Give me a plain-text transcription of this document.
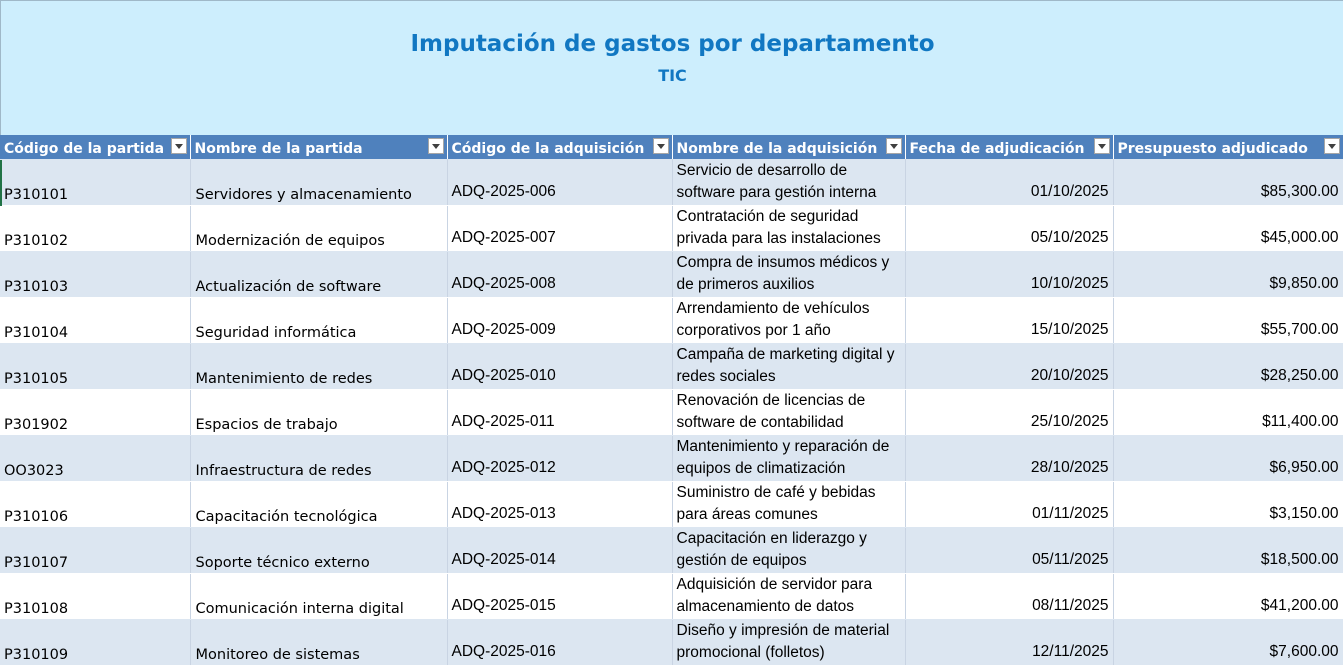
Imputación de gastos por departamento
TIC
Código de la partida	Nombre de la partida	Código de la adquisición	Nombre de la adquisición	Fecha de adjudicación	Presupuesto adjudicado

P310101	Servidores y almacenamiento	ADQ-2025-006	Servicio de desarrollo de software para gestión interna	01/10/2025	$85,300.00
P310102	Modernización de equipos	ADQ-2025-007	Contratación de seguridad privada para las instalaciones	05/10/2025	$45,000.00
P310103	Actualización de software	ADQ-2025-008	Compra de insumos médicos y de primeros auxilios	10/10/2025	$9,850.00
P310104	Seguridad informática	ADQ-2025-009	Arrendamiento de vehículos corporativos por 1 año	15/10/2025	$55,700.00
P310105	Mantenimiento de redes	ADQ-2025-010	Campaña de marketing digital y redes sociales	20/10/2025	$28,250.00
P301902	Espacios de trabajo	ADQ-2025-011	Renovación de licencias de software de contabilidad	25/10/2025	$11,400.00
OO3023	Infraestructura de redes	ADQ-2025-012	Mantenimiento y reparación de equipos de climatización	28/10/2025	$6,950.00
P310106	Capacitación tecnológica	ADQ-2025-013	Suministro de café y bebidas para áreas comunes	01/11/2025	$3,150.00
P310107	Soporte técnico externo	ADQ-2025-014	Capacitación en liderazgo y gestión de equipos	05/11/2025	$18,500.00
P310108	Comunicación interna digital	ADQ-2025-015	Adquisición de servidor para almacenamiento de datos	08/11/2025	$41,200.00
P310109	Monitoreo de sistemas	ADQ-2025-016	Diseño y impresión de material promocional (folletos)	12/11/2025	$7,600.00
